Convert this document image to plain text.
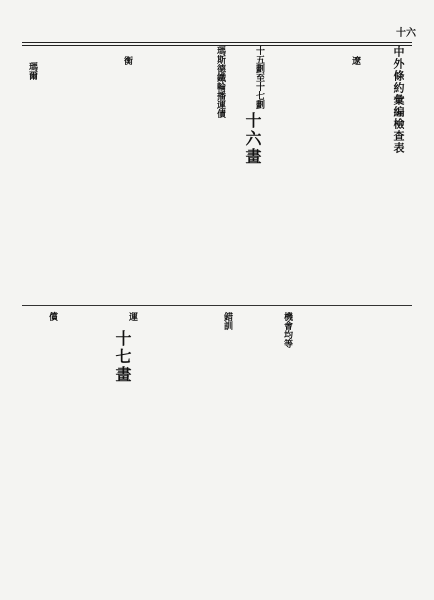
十六
中外條約彙編檢查表
十五劃至十七劃
瑪斯德鐵輪播運債
十六畫
十七畫
瑪爾
衡	遼
機會均等
錯訓
運
償
